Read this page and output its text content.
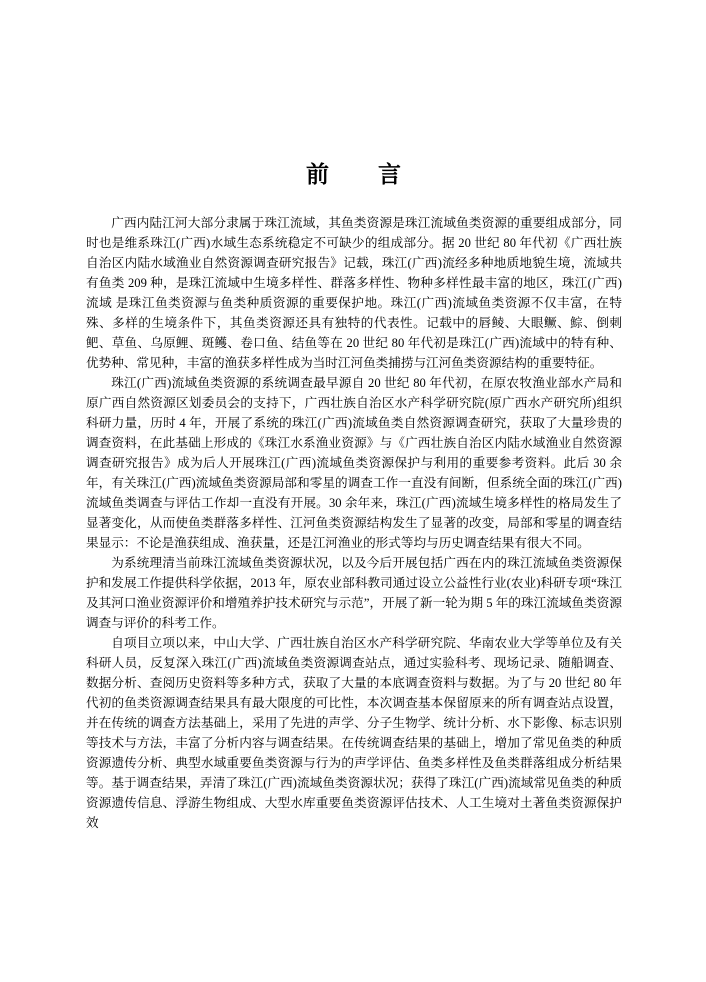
前　　言

广西内陆江河大部分隶属于珠江流域，其鱼类资源是珠江流域鱼类资源的重要组成部分，同时也是维系珠江(广西)水域生态系统稳定不可缺少的组成部分。据 20 世纪 80 年代初《广西壮族自治区内陆水域渔业自然资源调查研究报告》记载，珠江(广西)流经多种地质地貌生境，流域共有鱼类 209 种，是珠江流域中生境多样性、群落多样性、物种多样性最丰富的地区，珠江(广西)流域 是珠江鱼类资源与鱼类种质资源的重要保护地。珠江(广西)流域鱼类资源不仅丰富，在特殊、多样的生境条件下，其鱼类资源还具有独特的代表性。记载中的唇鲮、大眼鳜、鯮、倒刺鲃、草鱼、乌原鲤、斑鳠、卷口鱼、结鱼等在 20 世纪 80 年代初是珠江(广西)流域中的特有种、优势种、常见种，丰富的渔获多样性成为当时江河鱼类捕捞与江河鱼类资源结构的重要特征。

珠江(广西)流域鱼类资源的系统调查最早源自 20 世纪 80 年代初，在原农牧渔业部水产局和原广西自然资源区划委员会的支持下，广西壮族自治区水产科学研究院(原广西水产研究所)组织科研力量，历时 4 年，开展了系统的珠江(广西)流域鱼类自然资源调查研究，获取了大量珍贵的调查资料，在此基础上形成的《珠江水系渔业资源》与《广西壮族自治区内陆水域渔业自然资源调查研究报告》成为后人开展珠江(广西)流域鱼类资源保护与利用的重要参考资料。此后 30 余年，有关珠江(广西)流域鱼类资源局部和零星的调查工作一直没有间断，但系统全面的珠江(广西)流域鱼类调查与评估工作却一直没有开展。30 余年来，珠江(广西)流域生境多样性的格局发生了显著变化，从而使鱼类群落多样性、江河鱼类资源结构发生了显著的改变，局部和零星的调查结果显示：不论是渔获组成、渔获量，还是江河渔业的形式等均与历史调查结果有很大不同。

为系统理清当前珠江流域鱼类资源状况，以及今后开展包括广西在内的珠江流域鱼类资源保护和发展工作提供科学依据，2013 年，原农业部科教司通过设立公益性行业(农业)科研专项“珠江及其河口渔业资源评价和增殖养护技术研究与示范”，开展了新一轮为期 5 年的珠江流域鱼类资源调查与评价的科考工作。

自项目立项以来，中山大学、广西壮族自治区水产科学研究院、华南农业大学等单位及有关科研人员，反复深入珠江(广西)流域鱼类资源调查站点，通过实验科考、现场记录、随船调查、数据分析、查阅历史资料等多种方式，获取了大量的本底调查资料与数据。为了与 20 世纪 80 年代初的鱼类资源调查结果具有最大限度的可比性，本次调查基本保留原来的所有调查站点设置，并在传统的调查方法基础上，采用了先进的声学、分子生物学、统计分析、水下影像、标志识别等技术与方法，丰富了分析内容与调查结果。在传统调查结果的基础上，增加了常见鱼类的种质资源遗传分析、典型水域重要鱼类资源与行为的声学评估、鱼类多样性及鱼类群落组成分析结果等。基于调查结果，弄清了珠江(广西)流域鱼类资源状况；获得了珠江(广西)流域常见鱼类的种质资源遗传信息、浮游生物组成、大型水库重要鱼类资源评估技术、人工生境对土著鱼类资源保护效
